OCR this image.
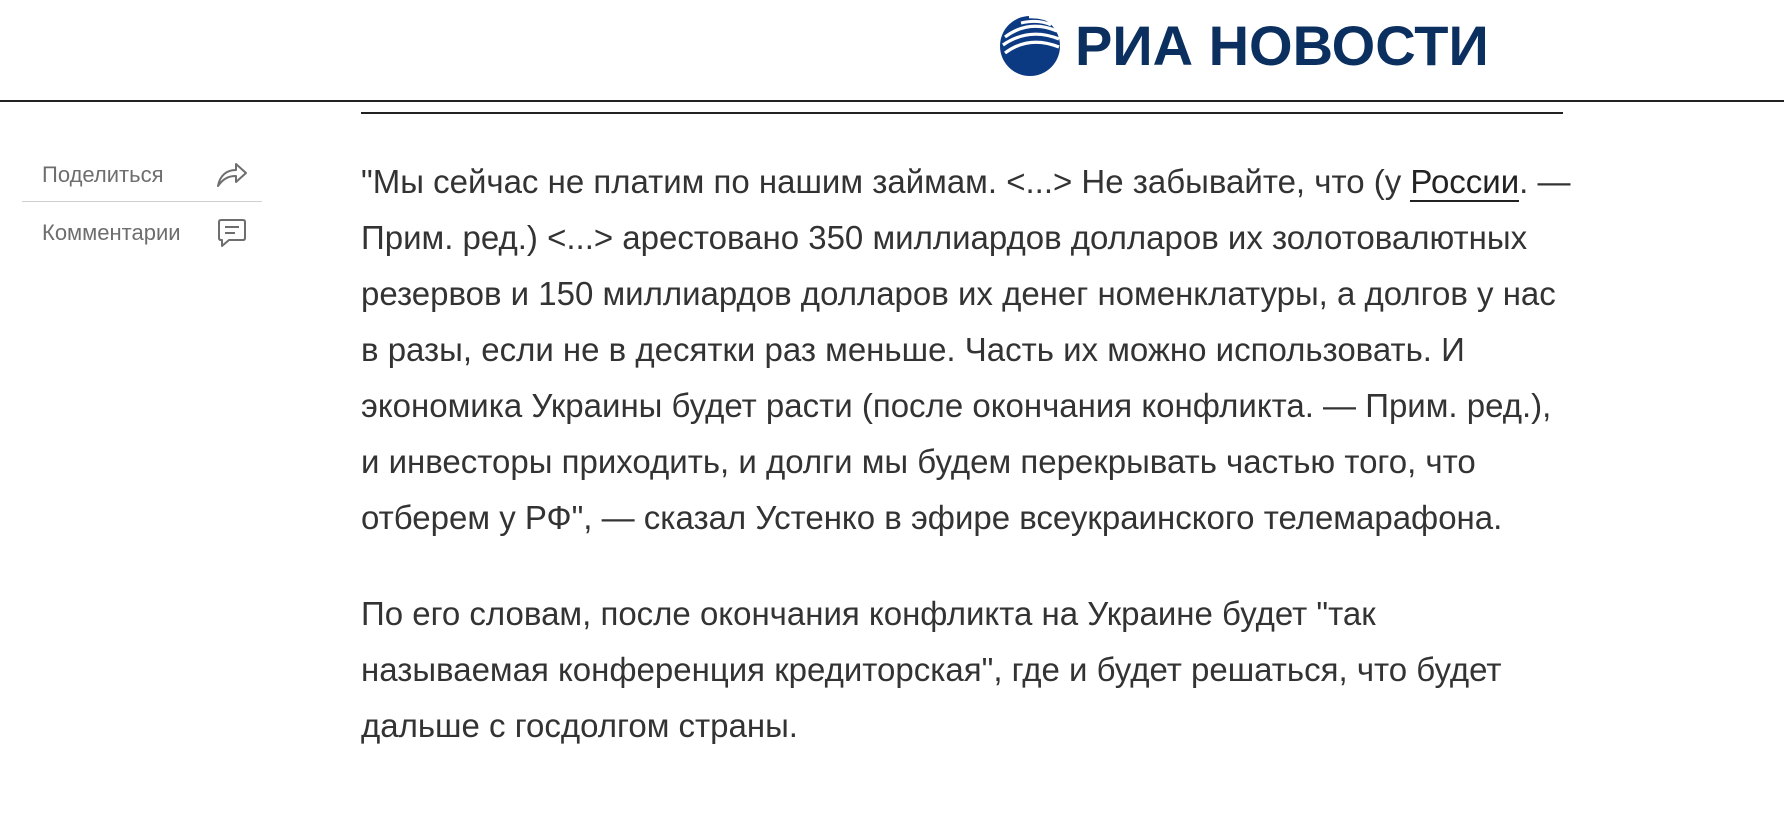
РИА НОВОСТИ
Поделиться
Комментарии

"Мы сейчас не платим по нашим займам. <...> Не забывайте, что (у России. — Прим. ред.) <...> арестовано 350 миллиардов долларов их золотовалютных резервов и 150 миллиардов долларов их денег номенклатуры, а долгов у нас в разы, если не в десятки раз меньше. Часть их можно использовать. И экономика Украины будет расти (после окончания конфликта. — Прим. ред.), и инвесторы приходить, и долги мы будем перекрывать частью того, что отберем у РФ", — сказал Устенко в эфире всеукраинского телемарафона.

По его словам, после окончания конфликта на Украине будет "так называемая конференция кредиторская", где и будет решаться, что будет дальше с госдолгом страны.
